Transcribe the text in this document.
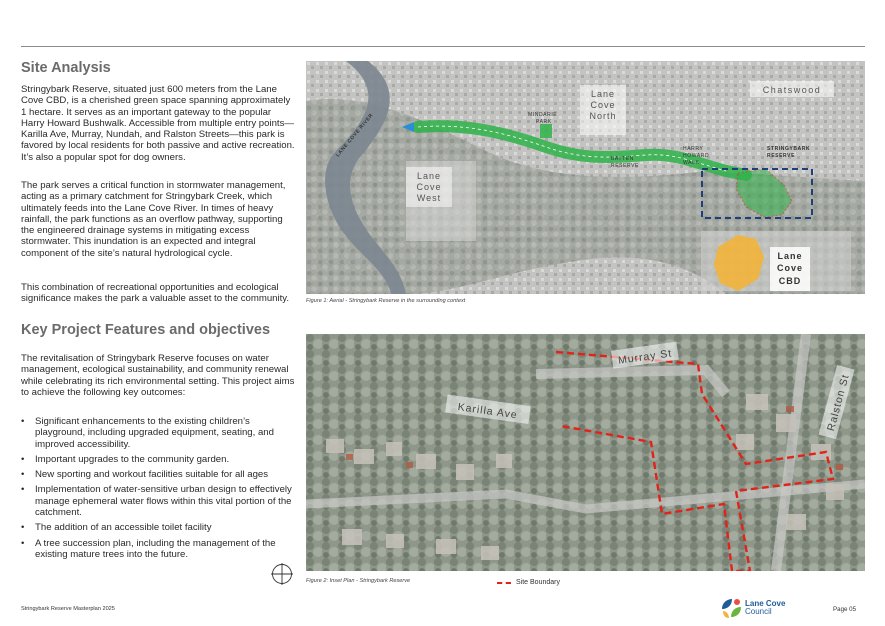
Site Analysis

Stringybark Reserve, situated just 600 meters from the Lane Cove CBD, is a cherished green space spanning approximately 1 hectare. It serves as an important gateway to the popular Harry Howard Bushwalk. Accessible from multiple entry points—Karilla Ave, Murray, Nundah, and Ralston Streets—this park is favored by local residents for both passive and active recreation. It’s also a popular spot for dog owners.

The park serves a critical function in stormwater management, acting as a primary catchment for Stringybark Creek, which ultimately feeds into the Lane Cove River. In times of heavy rainfall, the park functions as an overflow pathway, supporting the engineered drainage systems in mitigating excess stormwater. This inundation is an expected and integral component of the site’s natural hydrological cycle.

This combination of recreational opportunities and ecological significance makes the park a valuable asset to the community.

Key Project Features and objectives

The revitalisation of Stringybark Reserve focuses on water management, ecological sustainability, and community renewal while celebrating its rich environmental setting. This project aims to achieve the following key outcomes:

• Significant enhancements to the existing children’s playground, including upgraded equipment, seating, and improved accessibility.
• Important upgrades to the community garden.
• New sporting and workout facilities suitable for all ages
• Implementation of water-sensitive urban design to effectively manage ephemeral water flows within this vital portion of the catchment.
• The addition of an accessible toilet facility
• A tree succession plan, including the management of the existing mature trees into the future.
Lane
Cove
North
Chatswood
Lane
Cove
West
Lane
Cove
CBD
MINDARIE
PARK
BATTEN
RESERVE
HARRY
HOWARD
WALK
STRINGYBARK
RESERVE
LANE COVE RIVER
Figure 1: Aerial - Stringybark Reserve in the surrounding context
Murray St
Karilla Ave	Ralston St
Figure 2: Inset Plan - Stringybark Reserve	Site Boundary
Stringybark Reserve Masterplan 2025
Lane Cove
Council	Page 05
